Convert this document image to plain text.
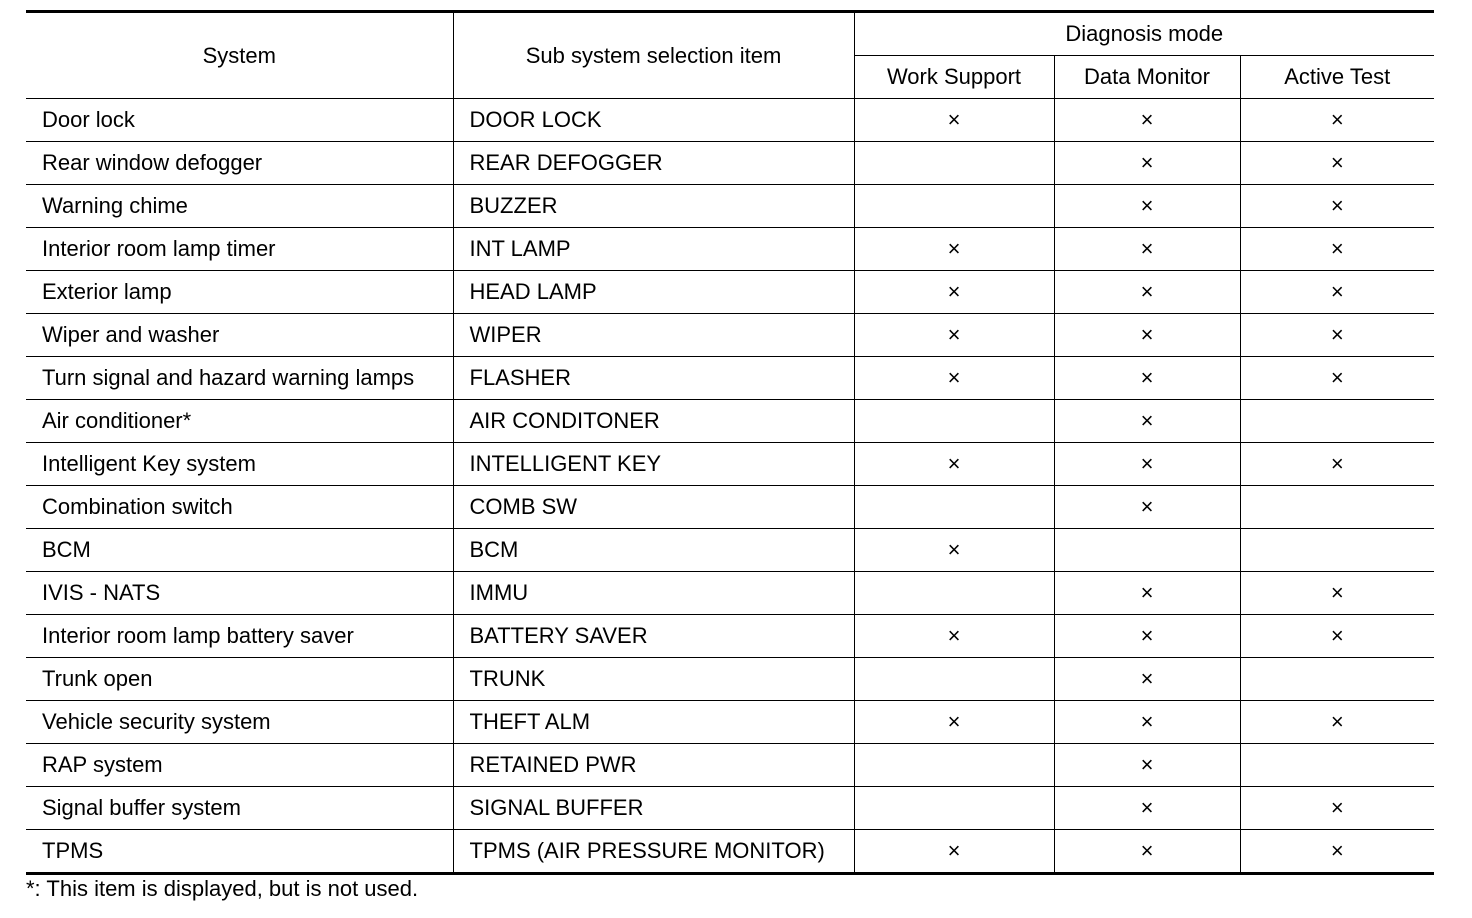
System	Sub system selection item	Diagnosis mode		
		Work Support	Data Monitor	Active Test
Door lock	DOOR LOCK	×	×	×
Rear window defogger	REAR DEFOGGER		×	×
Warning chime	BUZZER		×	×
Interior room lamp timer	INT LAMP	×	×	×
Exterior lamp	HEAD LAMP	×	×	×
Wiper and washer	WIPER	×	×	×
Turn signal and hazard warning lamps	FLASHER	×	×	×
Air conditioner*	AIR CONDITONER		×	
Intelligent Key system	INTELLIGENT KEY	×	×	×
Combination switch	COMB SW		×	
BCM	BCM	×		
IVIS - NATS	IMMU		×	×
Interior room lamp battery saver	BATTERY SAVER	×	×	×
Trunk open	TRUNK		×	
Vehicle security system	THEFT ALM	×	×	×
RAP system	RETAINED PWR		×	
Signal buffer system	SIGNAL BUFFER		×	×
TPMS	TPMS (AIR PRESSURE MONITOR)	×	×	×
*: This item is displayed, but is not used.
